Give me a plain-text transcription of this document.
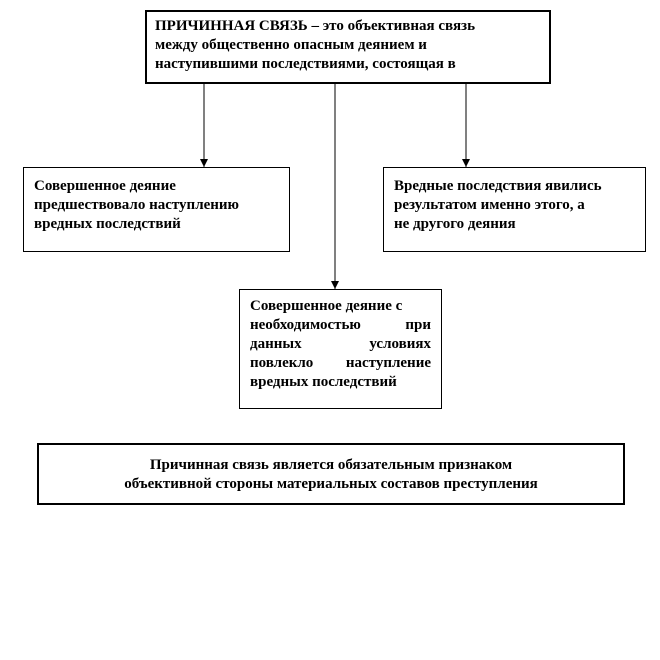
ПРИЧИННАЯ СВЯЗЬ – это объективная связь
между общественно опасным деянием и
наступившими последствиями, состоящая в
Совершенное деяние
предшествовало наступлению
вредных последствий
Вредные последствия явились
результатом именно этого, а
не другого деяния
Совершенное деяние с
необходимостью при
данных условиях
повлекло наступление
вредных последствий
Причинная связь является обязательным признаком
объективной стороны материальных составов преступления
